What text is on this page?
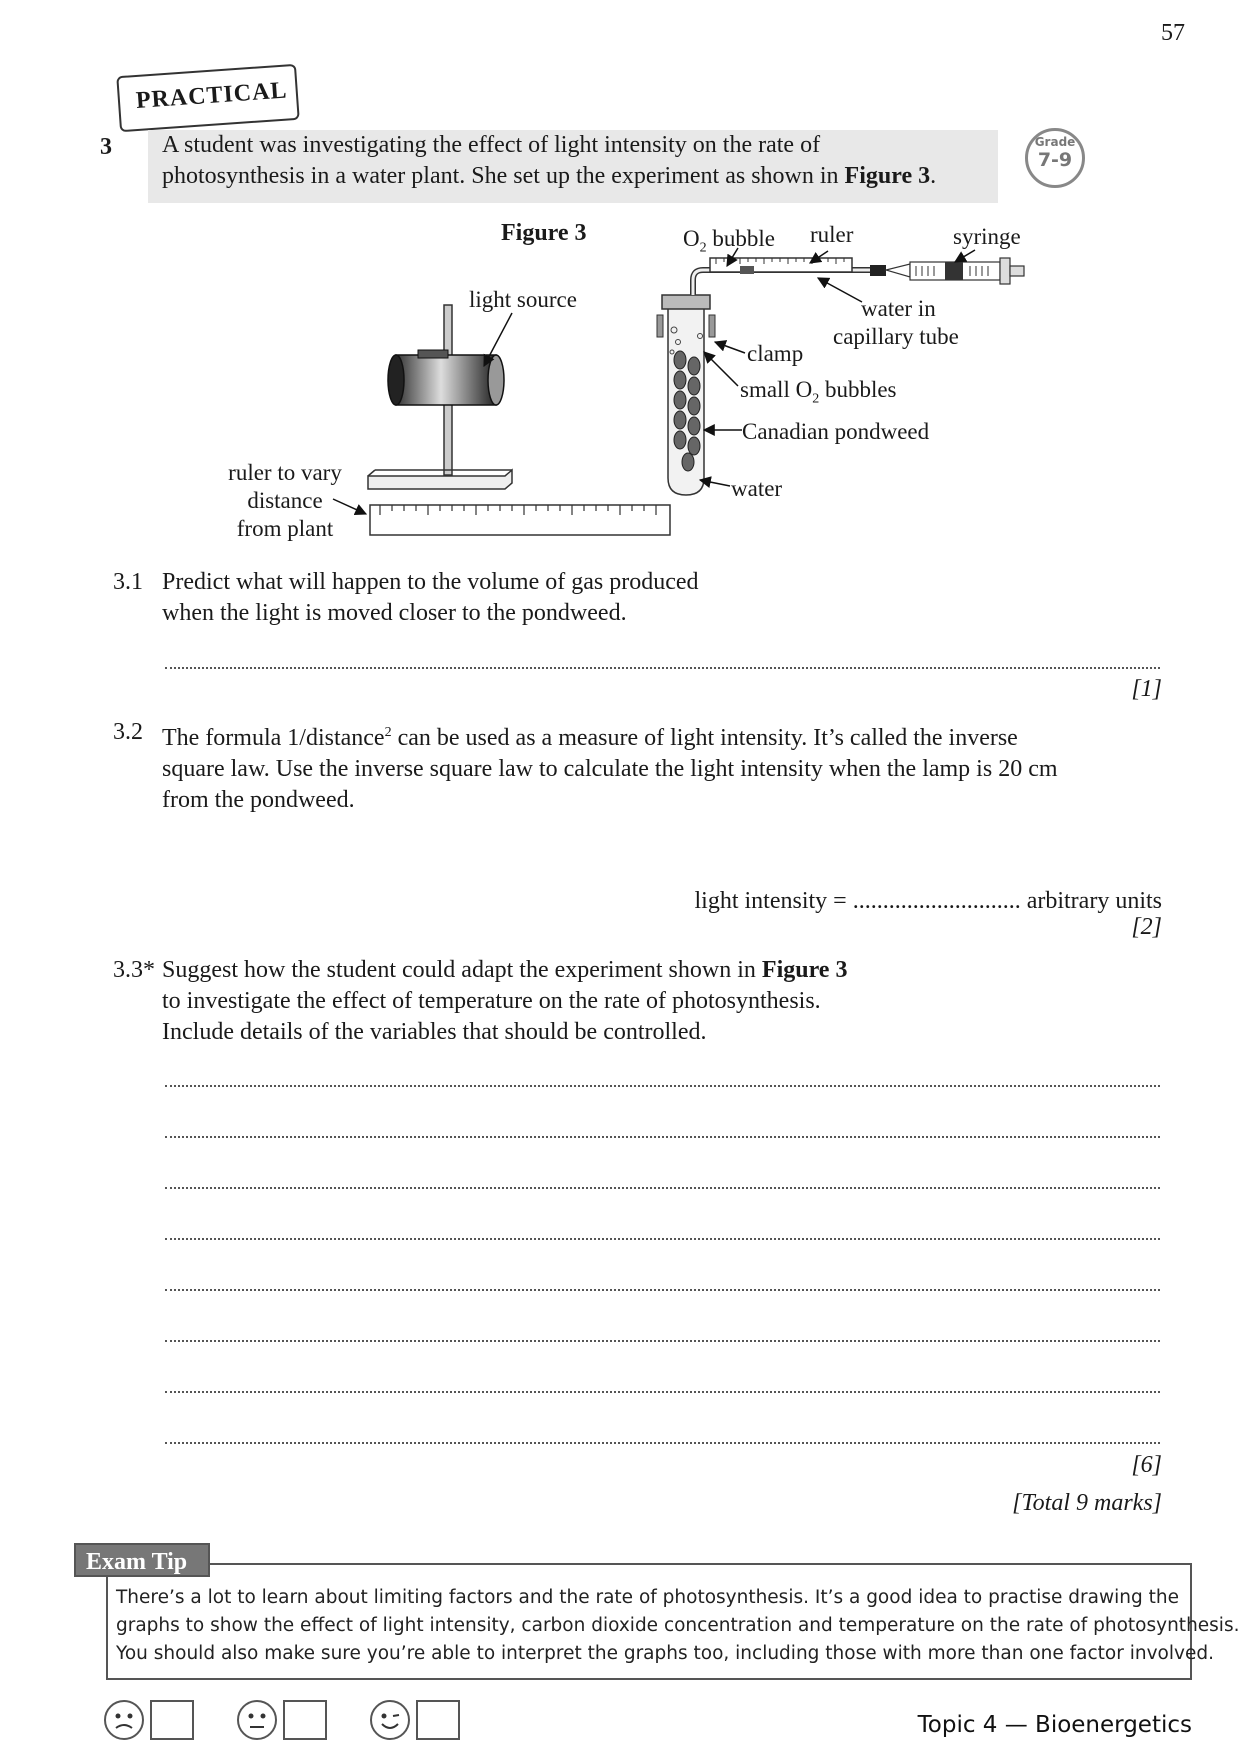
57
PRACTICAL
3 A student was investigating the effect of light intensity on the rate of
photosynthesis in a water plant. She set up the experiment as shown in Figure 3.
Grade
7-9
Figure 3	$O_2$ bubble ruler	syringe
light source	water in
capillary tube
clamp
small $O_2$ bubbles
Canadian pondweed
water
ruler to vary
distance
from plant
3.1 Predict what will happen to the volume of gas produced
when the light is moved closer to the pondweed.
[1]
3.2 The formula 1/distance$^2$ can be used as a measure of light intensity. It’s called the inverse
square law. Use the inverse square law to calculate the light intensity when the lamp is 20 cm
from the pondweed.
light intensity = ............................ arbitrary units
[2]
3.3* Suggest how the student could adapt the experiment shown in Figure 3
to investigate the effect of temperature on the rate of photosynthesis.
Include details of the variables that should be controlled.
[6]
[Total 9 marks]
Exam Tip
There’s a lot to learn about limiting factors and the rate of photosynthesis. It’s a good idea to practise drawing the
graphs to show the effect of light intensity, carbon dioxide concentration and temperature on the rate of photosynthesis.
You should also make sure you’re able to interpret the graphs too, including those with more than one factor involved.
Topic 4 — Bioenergetics
